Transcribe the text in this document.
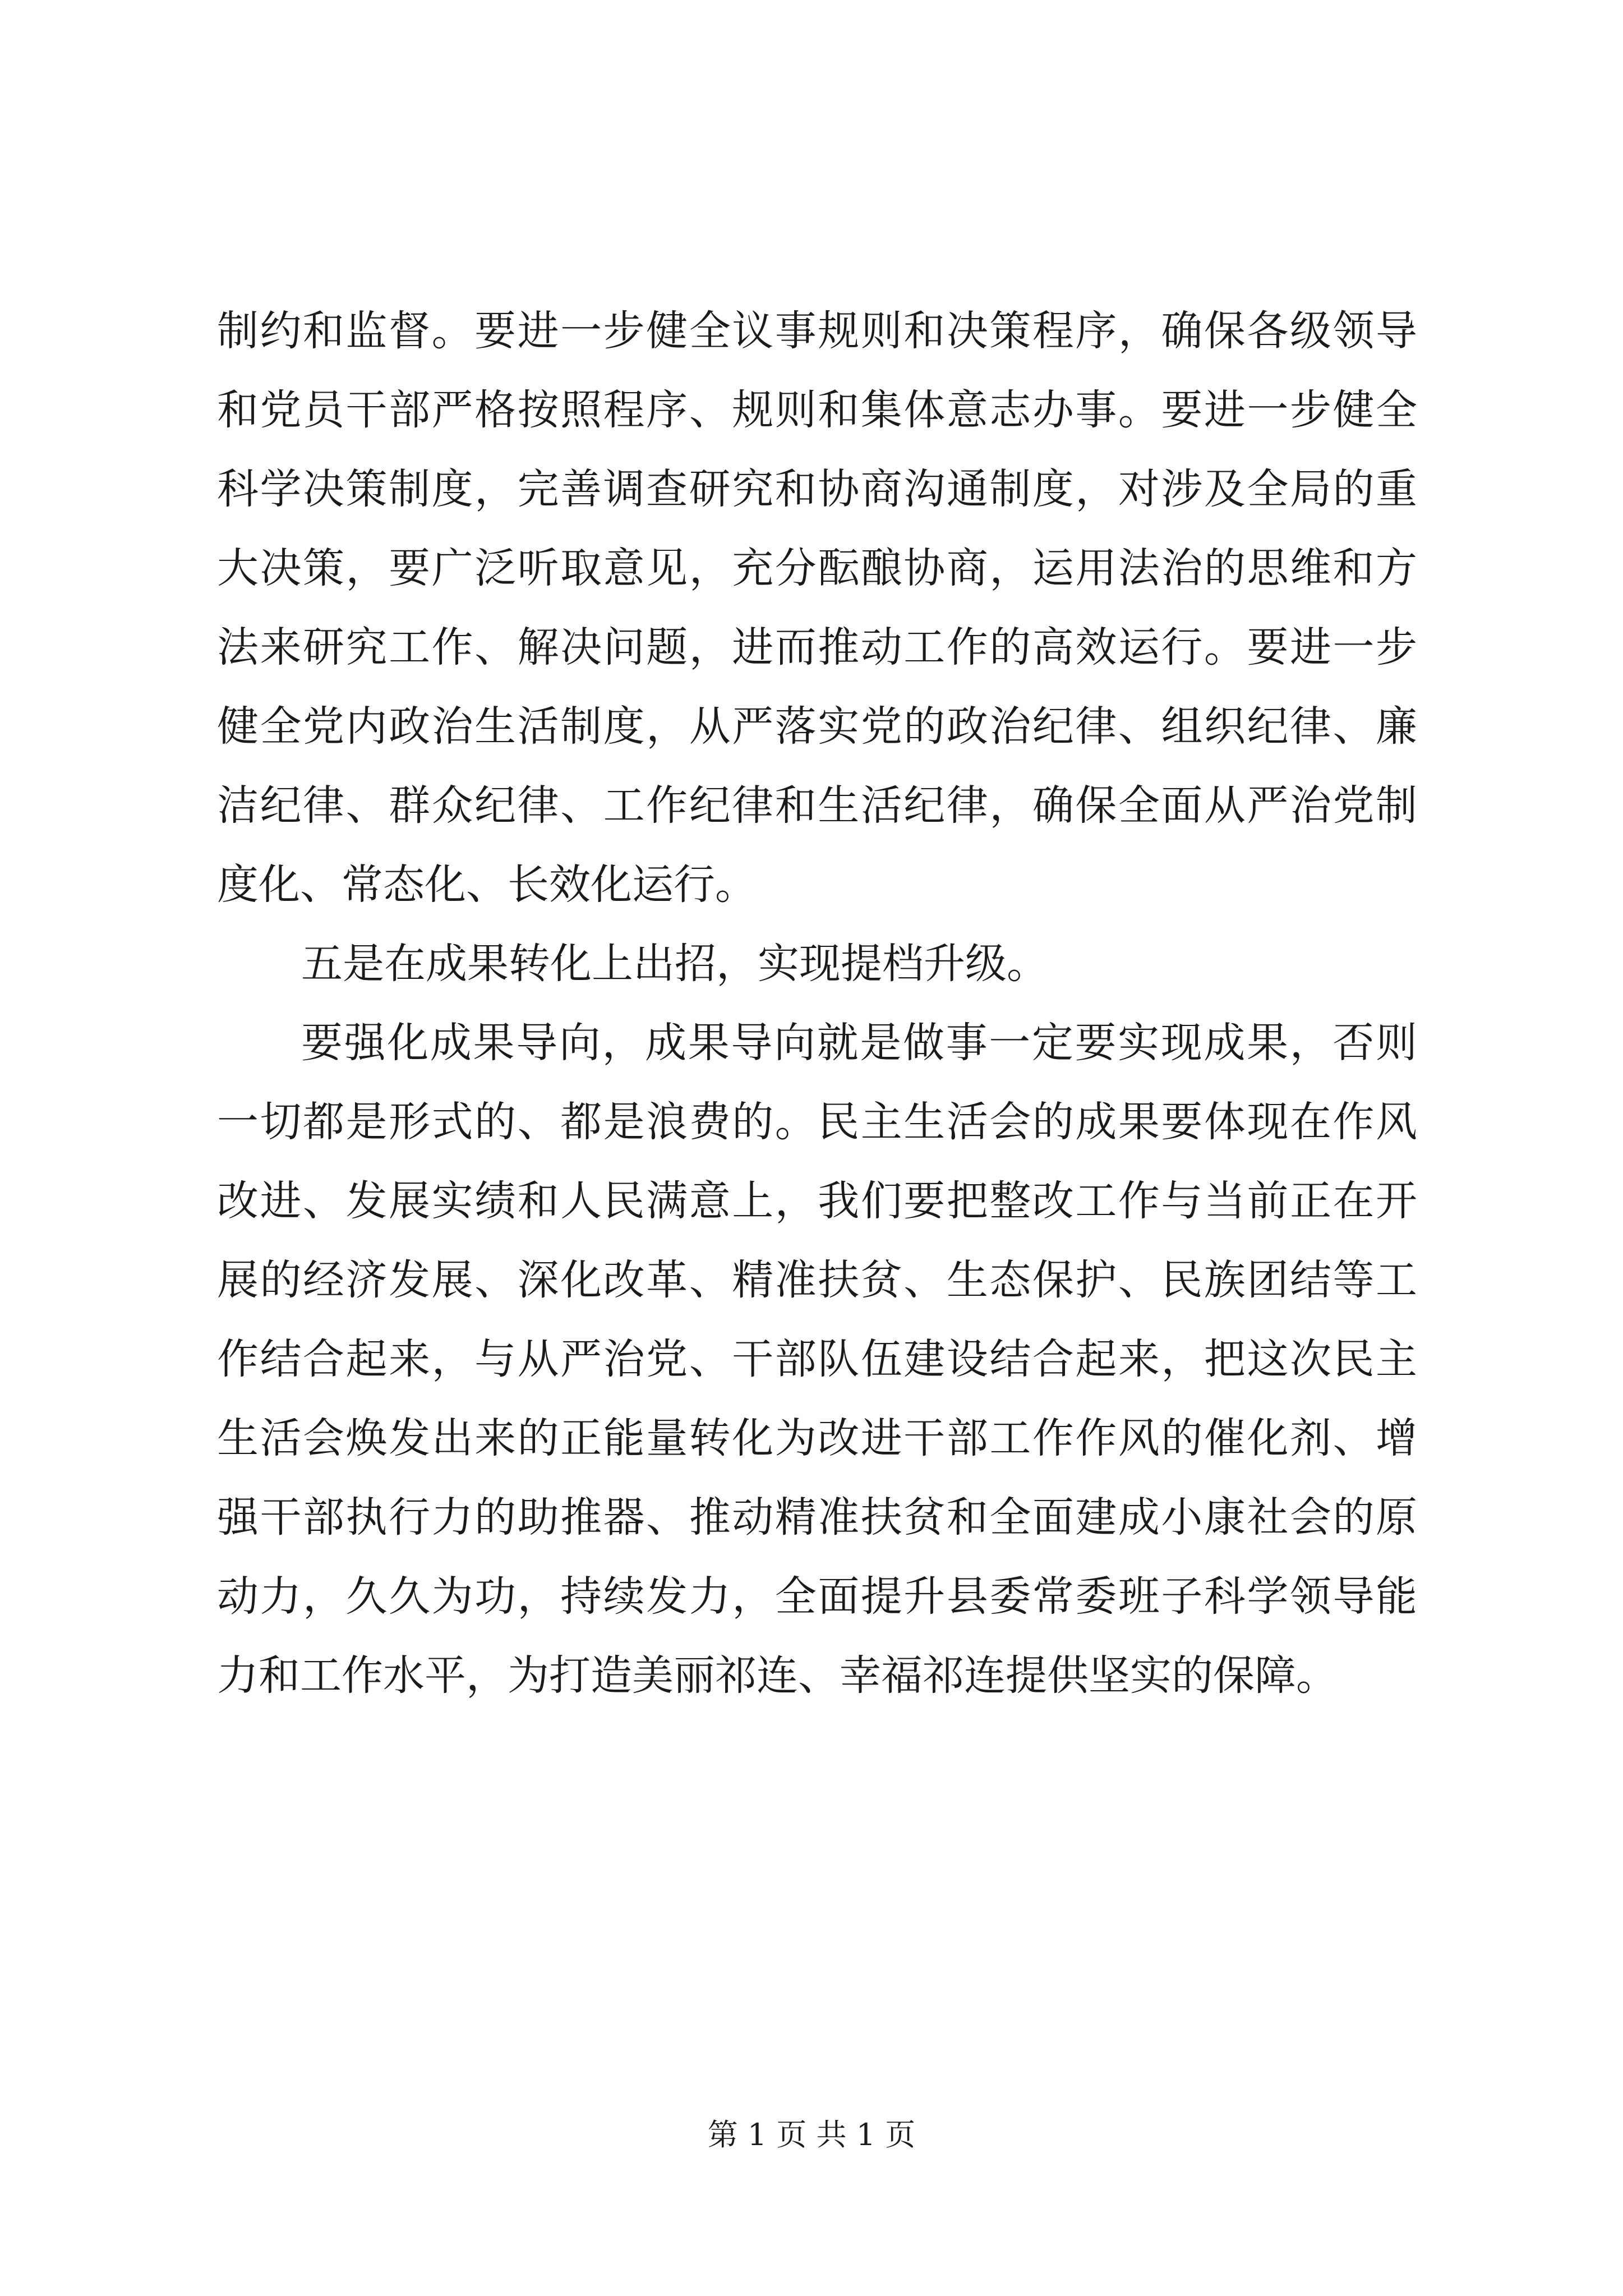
制约和监督。要进一步健全议事规则和决策程序，确保各级领导
和党员干部严格按照程序、规则和集体意志办事。要进一步健全
科学决策制度，完善调查研究和协商沟通制度，对涉及全局的重
大决策，要广泛听取意见，充分酝酿协商，运用法治的思维和方
法来研究工作、解决问题，进而推动工作的高效运行。要进一步
健全党内政治生活制度，从严落实党的政治纪律、组织纪律、廉
洁纪律、群众纪律、工作纪律和生活纪律，确保全面从严治党制
度化、常态化、长效化运行。
五是在成果转化上出招，实现提档升级。
要强化成果导向，成果导向就是做事一定要实现成果，否则
一切都是形式的、都是浪费的。民主生活会的成果要体现在作风
改进、发展实绩和人民满意上，我们要把整改工作与当前正在开
展的经济发展、深化改革、精准扶贫、生态保护、民族团结等工
作结合起来，与从严治党、干部队伍建设结合起来，把这次民主
生活会焕发出来的正能量转化为改进干部工作作风的催化剂、增
强干部执行力的助推器、推动精准扶贫和全面建成小康社会的原
动力，久久为功，持续发力，全面提升县委常委班子科学领导能
力和工作水平，为打造美丽祁连、幸福祁连提供坚实的保障。
第 1 页 共 1 页
